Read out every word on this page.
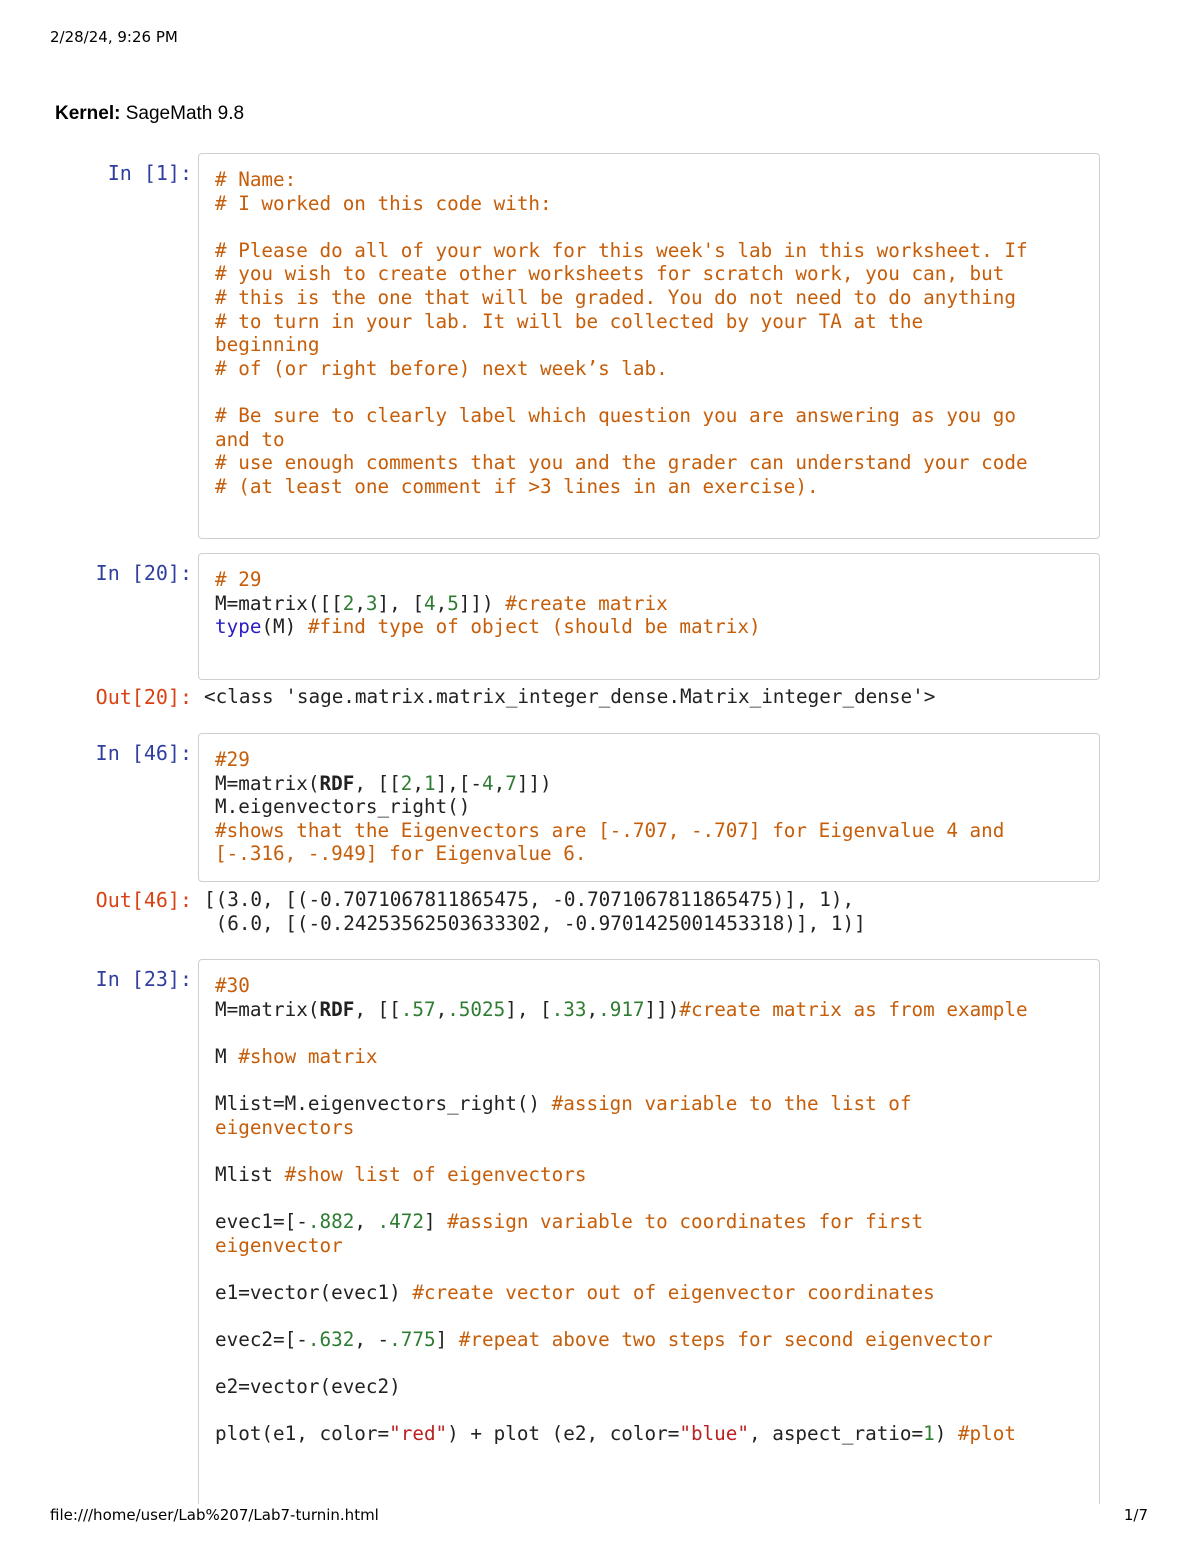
2/28/24, 9:26 PM
Kernel: SageMath 9.8
In [1]:	# Name:
# I worked on this code with:

# Please do all of your work for this week's lab in this worksheet. If
# you wish to create other worksheets for scratch work, you can, but
# this is the one that will be graded. You do not need to do anything
# to turn in your lab. It will be collected by your TA at the
beginning
# of (or right before) next week’s lab.

# Be sure to clearly label which question you are answering as you go
and to
# use enough comments that you and the grader can understand your code
# (at least one comment if >3 lines in an exercise).
In [20]:	# 29
M=matrix([[2,3], [4,5]]) #create matrix
type(M) #find type of object (should be matrix)
Out[20]: <class 'sage.matrix.matrix_integer_dense.Matrix_integer_dense'>
In [46]:	#29
M=matrix(RDF, [[2,1],[-4,7]])
M.eigenvectors_right()
#shows that the Eigenvectors are [-.707, -.707] for Eigenvalue 4 and
[-.316, -.949] for Eigenvalue 6.
Out[46]: [(3.0, [(-0.7071067811865475, -0.7071067811865475)], 1),
(6.0, [(-0.24253562503633302, -0.9701425001453318)], 1)]
In [23]:	#30
M=matrix(RDF, [[.57,.5025], [.33,.917]])#create matrix as from example

M #show matrix

Mlist=M.eigenvectors_right() #assign variable to the list of
eigenvectors

Mlist #show list of eigenvectors

evec1=[-.882, .472] #assign variable to coordinates for first
eigenvector

e1=vector(evec1) #create vector out of eigenvector coordinates

evec2=[-.632, -.775] #repeat above two steps for second eigenvector

e2=vector(evec2)

plot(e1, color="red") + plot (e2, color="blue", aspect_ratio=1) #plot
file:///home/user/Lab%207/Lab7-turnin.html	1/7
